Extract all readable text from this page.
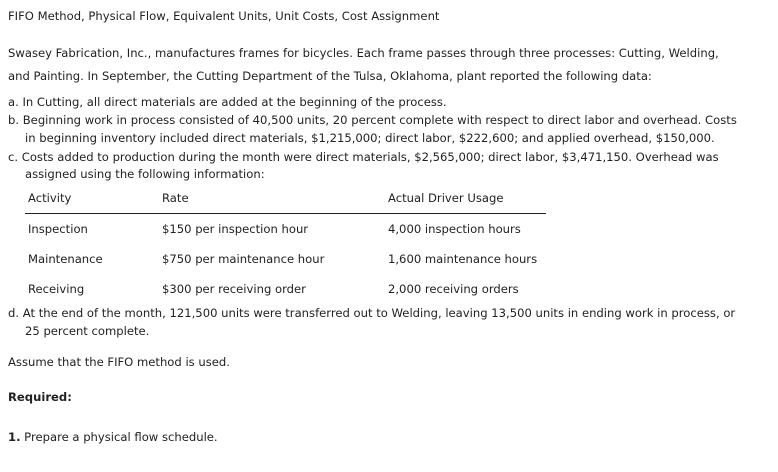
FIFO Method, Physical Flow, Equivalent Units, Unit Costs, Cost Assignment
Swasey Fabrication, Inc., manufactures frames for bicycles. Each frame passes through three processes: Cutting, Welding,
and Painting. In September, the Cutting Department of the Tulsa, Oklahoma, plant reported the following data:
a. In Cutting, all direct materials are added at the beginning of the process.
b. Beginning work in process consisted of 40,500 units, 20 percent complete with respect to direct labor and overhead. Costs
in beginning inventory included direct materials, $1,215,000; direct labor, $222,600; and applied overhead, $150,000.
c. Costs added to production during the month were direct materials, $2,565,000; direct labor, $3,471,150. Overhead was
assigned using the following information:
Activity	Rate	Actual Driver Usage
Inspection	$150 per inspection hour	4,000 inspection hours
Maintenance	$750 per maintenance hour	1,600 maintenance hours
Receiving	$300 per receiving order	2,000 receiving orders
d. At the end of the month, 121,500 units were transferred out to Welding, leaving 13,500 units in ending work in process, or
25 percent complete.
Assume that the FIFO method is used.
Required:
1. Prepare a physical flow schedule.
